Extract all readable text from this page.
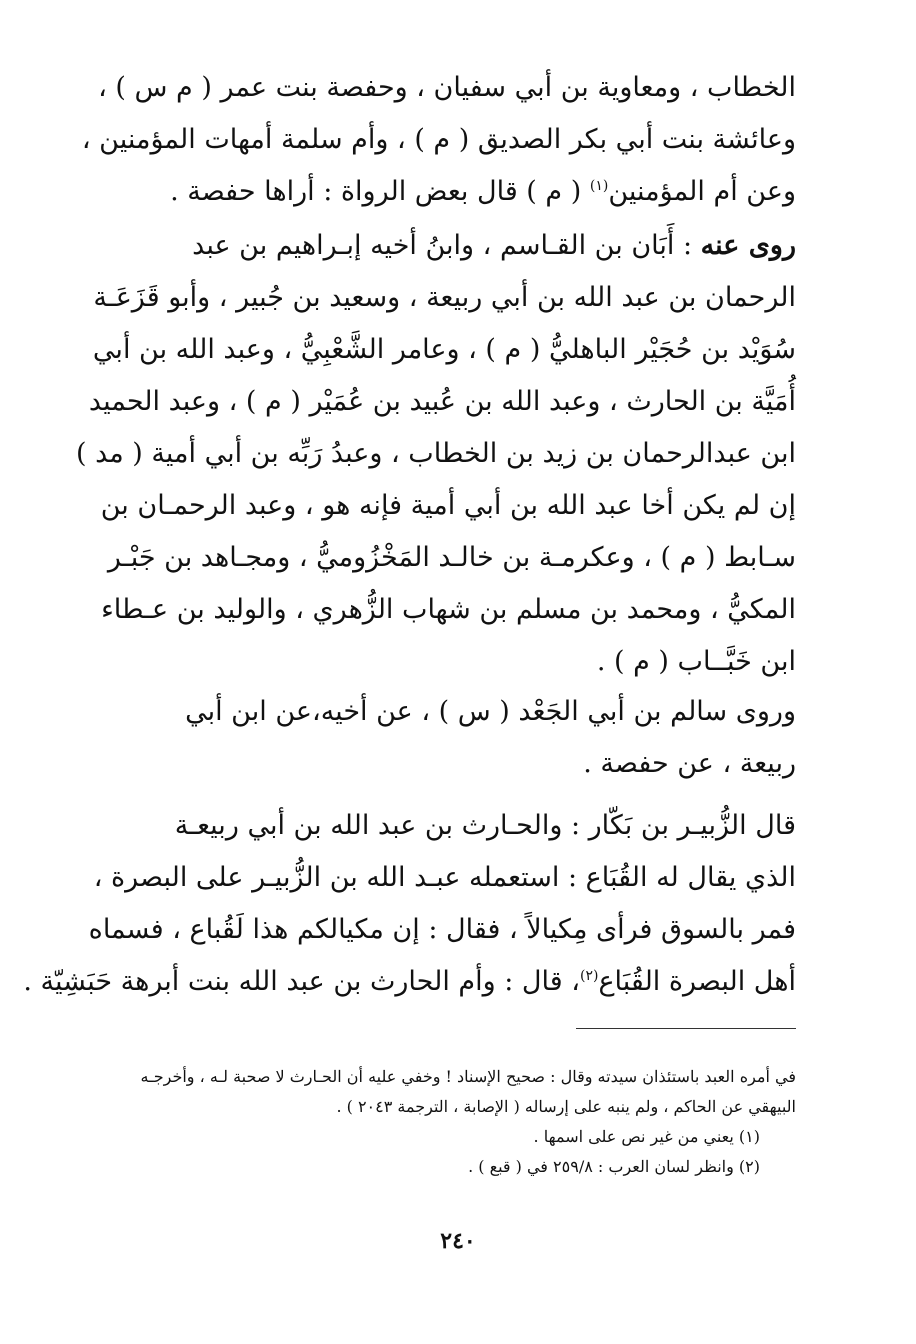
الخطاب ، ومعاوية بن أبي سفيان ، وحفصة بنت عمر ( م س ) ،
وعائشة بنت أبي بكر الصديق ( م ) ، وأم سلمة أمهات المؤمنين ،
وعن أم المؤمنين$^{(١)}$ ( م ) قال بعض الرواة : أراها حفصة .
روى عنه : أَبَان بن القـاسم ، وابنُ أخيه إبـراهيم بن عبد
الرحمان بن عبد الله بن أبي ربيعة ، وسعيد بن جُبير ، وأبو قَزَعَـة
سُوَيْد بن حُجَيْر الباهليُّ ( م ) ، وعامر الشَّعْبِيُّ ، وعبد الله بن أبي
أُمَيَّة بن الحارث ، وعبد الله بن عُبيد بن عُمَيْر ( م ) ، وعبد الحميد
ابن عبدالرحمان بن زيد بن الخطاب ، وعبدُ رَبِّه بن أبي أمية ( مد )
إن لم يكن أخا عبد الله بن أبي أمية فإنه هو ، وعبد الرحمـان بن
سـابط ( م ) ، وعكرمـة بن خالـد المَخْزُوميُّ ، ومجـاهد بن جَبْـر
المكيُّ ، ومحمد بن مسلم بن شهاب الزُّهري ، والوليد بن عـطاء
ابن خَبَّــاب ( م ) .
وروى سالم بن أبي الجَعْد ( س ) ، عن أخيه،عن ابن أبي
ربيعة ، عن حفصة .
قال الزُّبيـر بن بَكّار : والحـارث بن عبد الله بن أبي ربيعـة
الذي يقال له القُبَاع : استعمله عبـد الله بن الزُّبيـر على البصرة ،
فمر بالسوق فرأى مِكيالاً ، فقال : إن مكيالكم هذا لَقُباع ، فسماه
أهل البصرة القُبَاع$^{(٢)}$، قال : وأم الحارث بن عبد الله بنت أبرهة حَبَشِيّة .
في أمره العبد باستئذان سيدته وقال : صحيح الإسناد ! وخفي عليه أن الحـارث لا صحبة لـه ، وأخرجـه
البيهقي عن الحاكم ، ولم ينبه على إرساله ( الإصابة ، الترجمة ٢٠٤٣ ) .
(١) يعني من غير نص على اسمها .
(٢) وانظر لسان العرب : ٢٥٩/٨ في ( قبع ) .
٢٤٠
